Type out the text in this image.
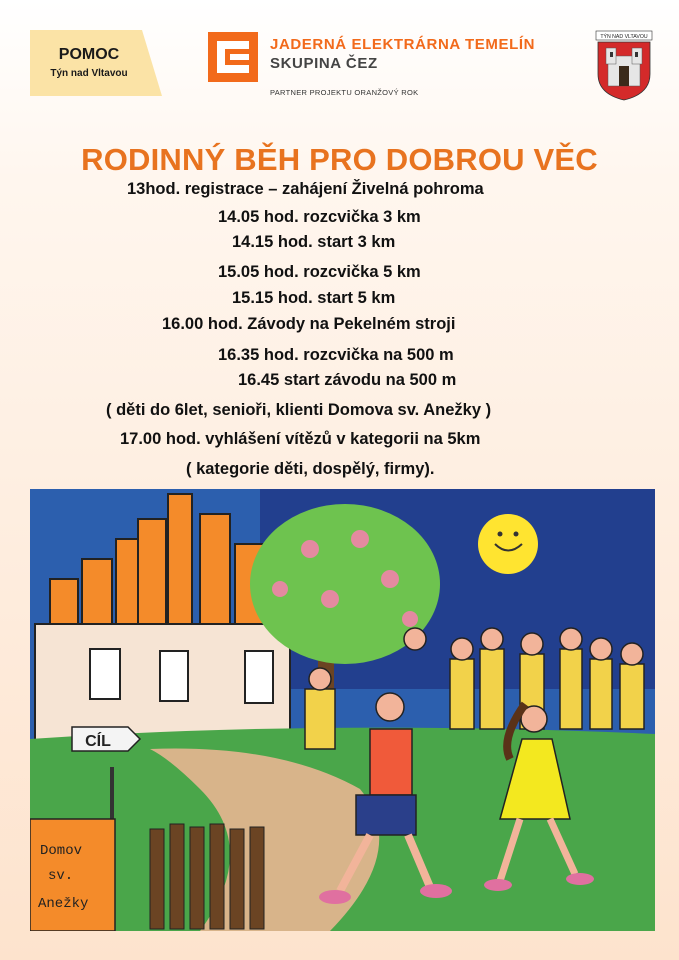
POMOC
Týn nad Vltavou
JADERNÁ ELEKTRÁRNA TEMELÍN
SKUPINA ČEZ
PARTNER PROJEKTU ORANŽOVÝ ROK
TÝN NAD VLTAVOU
RODINNÝ BĚH PRO DOBROU VĚC
13hod. registrace – zahájení Živelná pohroma
14.05 hod. rozcvička 3 km
14.15 hod. start 3 km
15.05 hod. rozcvička 5 km
15.15 hod. start 5 km
16.00 hod. Závody na Pekelném stroji
16.35 hod. rozcvička na 500 m
16.45 start závodu na 500 m
( děti do 6let, senioři, klienti Domova sv. Anežky )
17.00 hod. vyhlášení vítězů v kategorii na 5km
( kategorie děti, dospělý, firmy).
CÍL
Domov
sv.
Anežky
